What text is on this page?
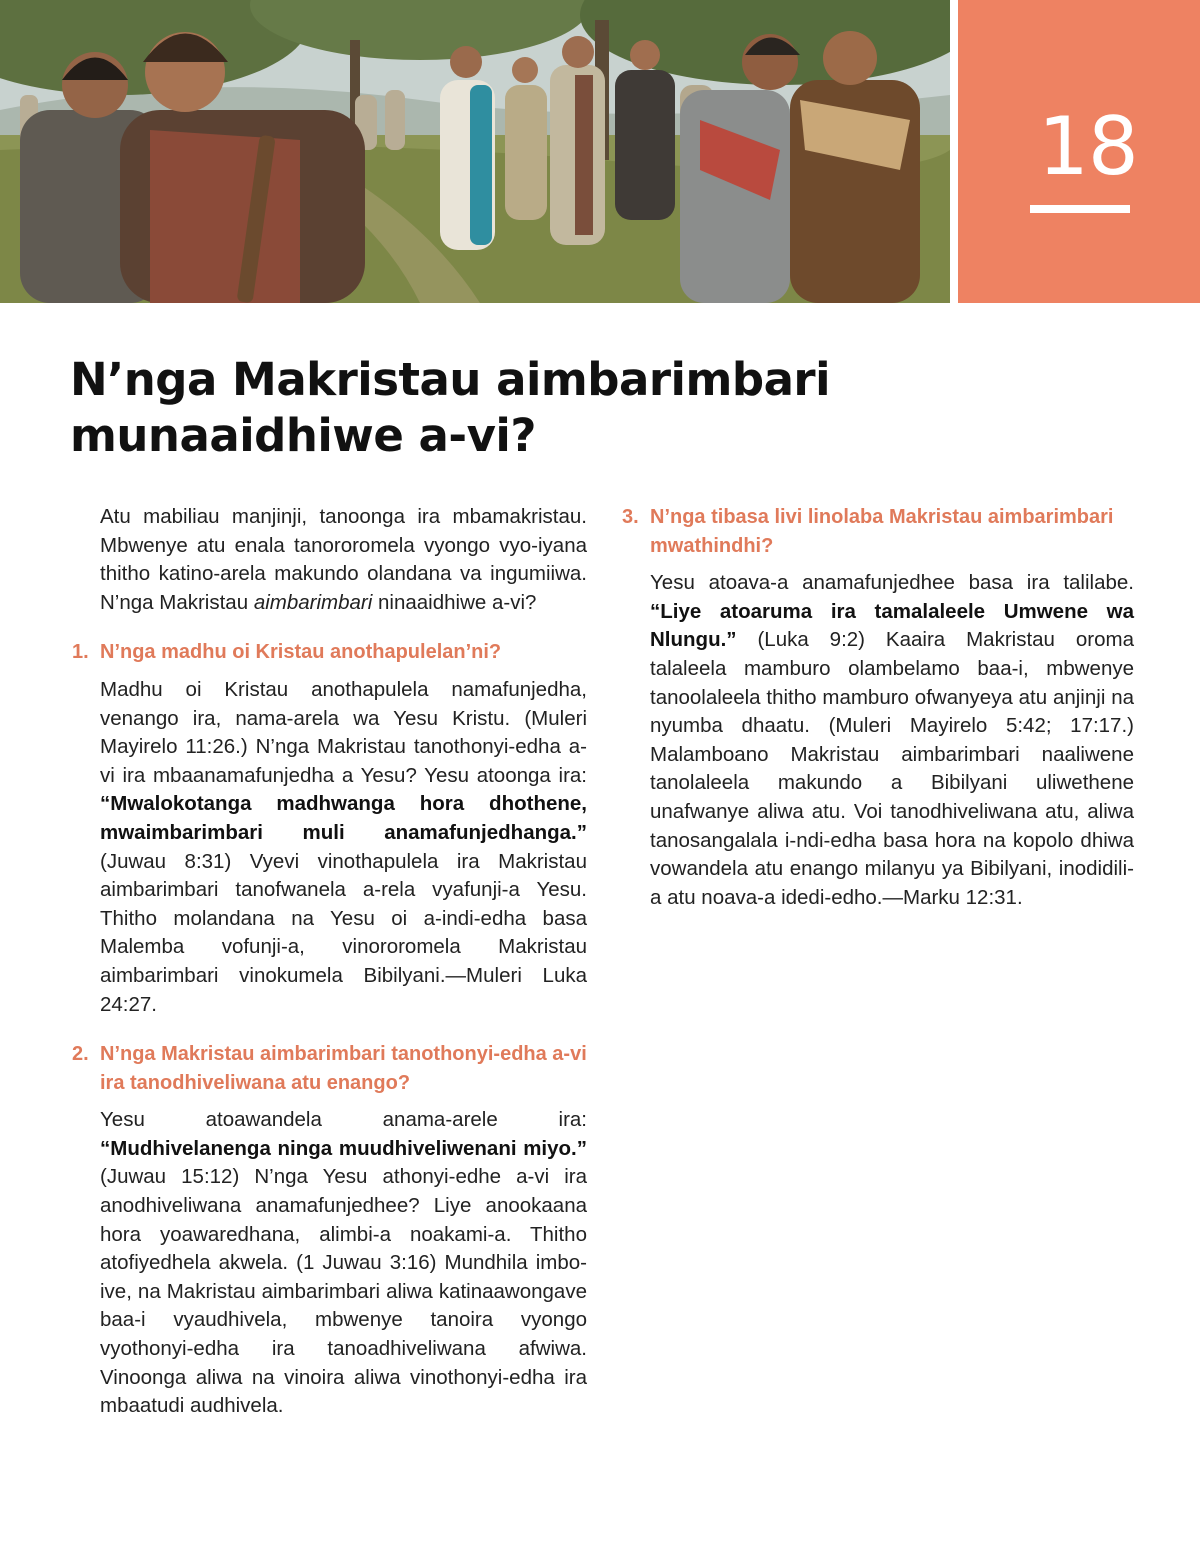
18
N’nga Makristau aimbarimbari
munaaidhiwe a-vi?

Atu mabiliau manjinji, tanoonga ira mbamakristau. Mbwenye atu enala tanororomela vyongo vyo-iyana thitho katino-arela makundo olandana va ingumiiwa. N’nga Makristau aimbarimbari ninaaidhiwe a-vi?

1. N’nga madhu oi Kristau anothapulelan’ni?

Madhu oi Kristau anothapulela namafunjedha, venango ira, nama-arela wa Yesu Kristu. (Muleri Mayirelo 11:26.) N’nga Makristau tanothonyi-edha a-vi ira mbaanamafunjedha a Yesu? Yesu atoonga ira: “Mwalokotanga madhwanga hora dhothene, mwaimbarimbari muli anamafunjedhanga.” (Juwau 8:31) Vyevi vinothapulela ira Makristau aimbarimbari tanofwanela a-rela vyafunji-a Yesu. Thitho molandana na Yesu oi a-indi-edha basa Malemba vofunji-a, vinororomela Makristau aimbarimbari vinokumela Bibilyani.—Muleri Luka 24:27.

2. N’nga Makristau aimbarimbari tanothonyi-edha a-vi ira tanodhiveliwana atu enango?

Yesu atoawandela anama-arele ira: “Mudhivelanenga ninga muudhiveliwenani miyo.” (Juwau 15:12) N’nga Yesu athonyi-edhe a-vi ira anodhiveliwana anamafunjedhee? Liye anookaana hora yoawaredhana, alimbi-a noakami-a. Thitho atofiyedhela akwela. (1 Juwau 3:16) Mundhila imbo-ive, na Makristau aimbarimbari aliwa katinaawongave baa-i vyaudhivela, mbwenye tanoira vyongo vyothonyi-edha ira tanoadhiveliwana afwiwa. Vinoonga aliwa na vinoira aliwa vinothonyi-edha ira mbaatudi audhivela.

3. N’nga tibasa livi linolaba Makristau aimbarimbari mwathindhi?

Yesu atoava-a anamafunjedhee basa ira talilabe. “Liye atoaruma ira tamalaleele Umwene wa Nlungu.” (Luka 9:2) Kaaira Makristau oroma talaleela mamburo olambelamo baa-i, mbwenye tanoolaleela thitho mamburo ofwanyeya atu anjinji na nyumba dhaatu. (Muleri Mayirelo 5:42; 17:17.) Malamboano Makristau aimbarimbari naaliwene tanolaleela makundo a Bibilyani uliwethene unafwanye aliwa atu. Voi tanodhiveliwana atu, aliwa tanosangalala i-ndi-edha basa hora na kopolo dhiwa vowandela atu enango milanyu ya Bibilyani, inodidili-a atu noava-a idedi-edho.—Marku 12:31.
